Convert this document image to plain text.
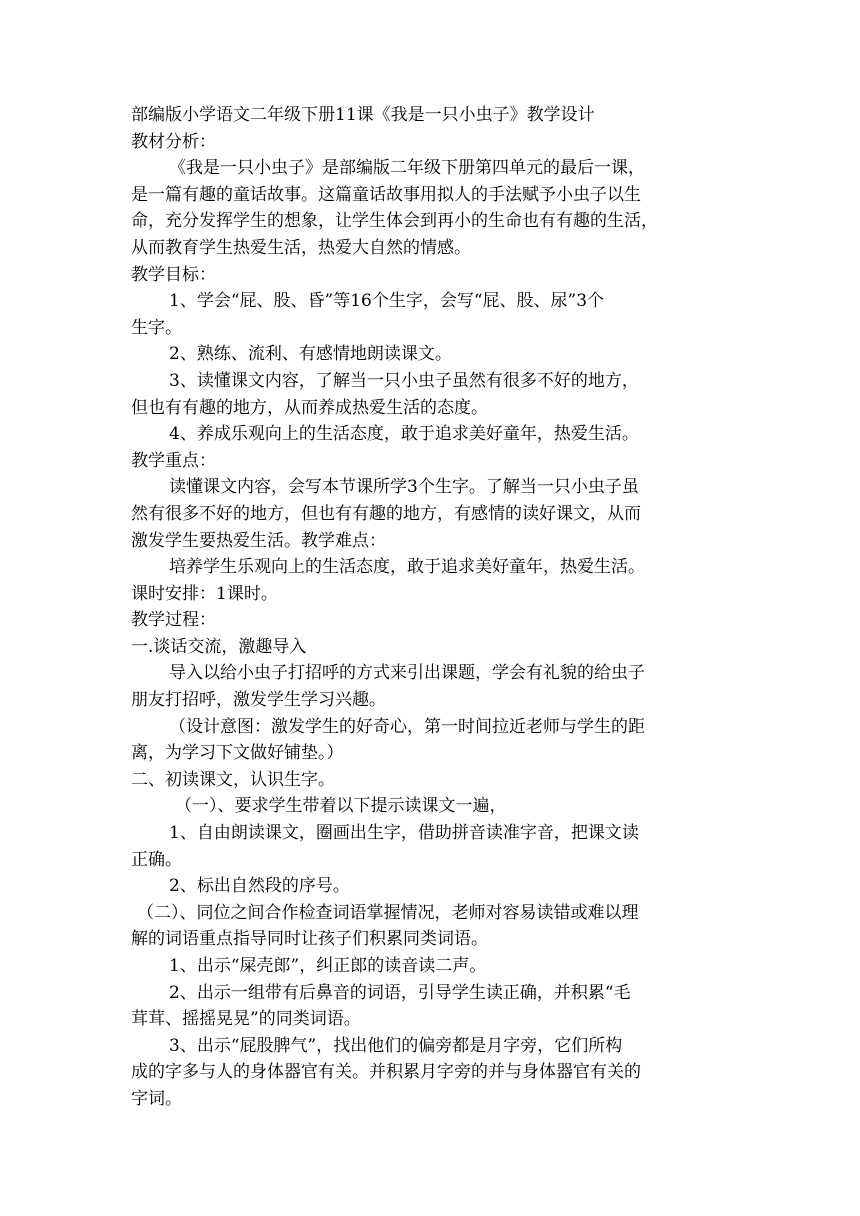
部编版小学语文二年级下册11课《我是一只小虫子》教学设计
教材分析：
《我是一只小虫子》是部编版二年级下册第四单元的最后一课，
是一篇有趣的童话故事。这篇童话故事用拟人的手法赋予小虫子以生
命，充分发挥学生的想象，让学生体会到再小的生命也有有趣的生活，
从而教育学生热爱生活，热爱大自然的情感。
教学目标：
1、学会“屁、股、昏”等16个生字，会写“屁、股、尿”3个
生字。
2、熟练、流利、有感情地朗读课文。
3、读懂课文内容，了解当一只小虫子虽然有很多不好的地方，
但也有有趣的地方，从而养成热爱生活的态度。
4、养成乐观向上的生活态度，敢于追求美好童年，热爱生活。
教学重点：
读懂课文内容，会写本节课所学3个生字。了解当一只小虫子虽
然有很多不好的地方，但也有有趣的地方，有感情的读好课文，从而
激发学生要热爱生活。教学难点：
培养学生乐观向上的生活态度，敢于追求美好童年，热爱生活。
课时安排：1课时。
教学过程：
一.谈话交流，激趣导入
导入以给小虫子打招呼的方式来引出课题，学会有礼貌的给虫子
朋友打招呼，激发学生学习兴趣。
（设计意图：激发学生的好奇心，第一时间拉近老师与学生的距
离，为学习下文做好铺垫。）
二、初读课文，认识生字。
（一）、要求学生带着以下提示读课文一遍，
1、自由朗读课文，圈画出生字，借助拼音读准字音，把课文读
正确。
2、标出自然段的序号。
（二）、同位之间合作检查词语掌握情况，老师对容易读错或难以理
解的词语重点指导同时让孩子们积累同类词语。
1、出示“屎壳郎”，纠正郎的读音读二声。
2、出示一组带有后鼻音的词语，引导学生读正确，并积累“毛
茸茸、摇摇晃晃”的同类词语。
3、出示“屁股脾气”，找出他们的偏旁都是月字旁，它们所构
成的字多与人的身体器官有关。并积累月字旁的并与身体器官有关的
字词。
